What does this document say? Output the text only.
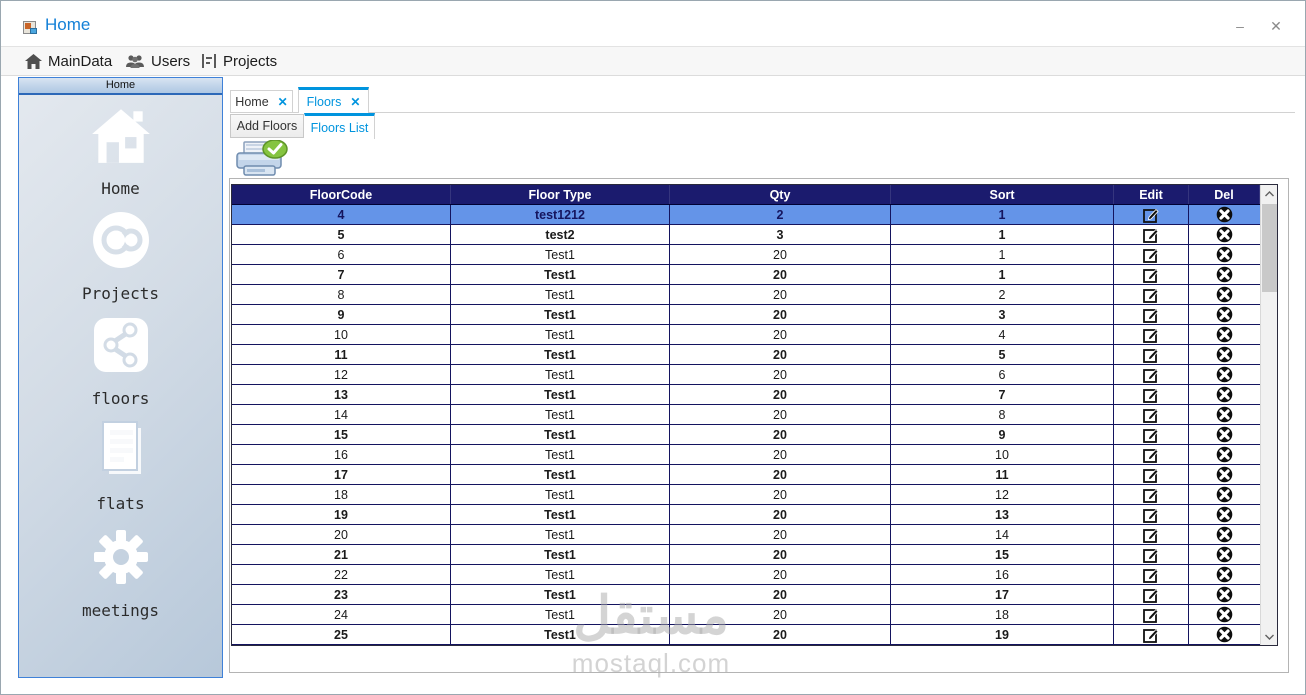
Home	–	✕
MainData	Users Projects
Home
Home
Projects
floors
flats
meetings
Home ✕ Floors ✕
Add Floors	Floors List
FloorCode	Floor Type	Qty	Sort	Edit	Del
4	test1212	2	1
5	test2	3	1
6	Test1	20	1
7	Test1	20	1
8	Test1	20	2
9	Test1	20	3
10	Test1	20	4
11	Test1	20	5
12	Test1	20	6
13	Test1	20	7
14	Test1	20	8
15	Test1	20	9
16	Test1	20	10
17	Test1	20	11
18	Test1	20	12
19	Test1	20	13
20	Test1	20	14
21	Test1	20	15
22	Test1	20	16
23	Test1	20	17
24	Test1	20	18
25	Test1	20	19
مستقل
mostaql.com
